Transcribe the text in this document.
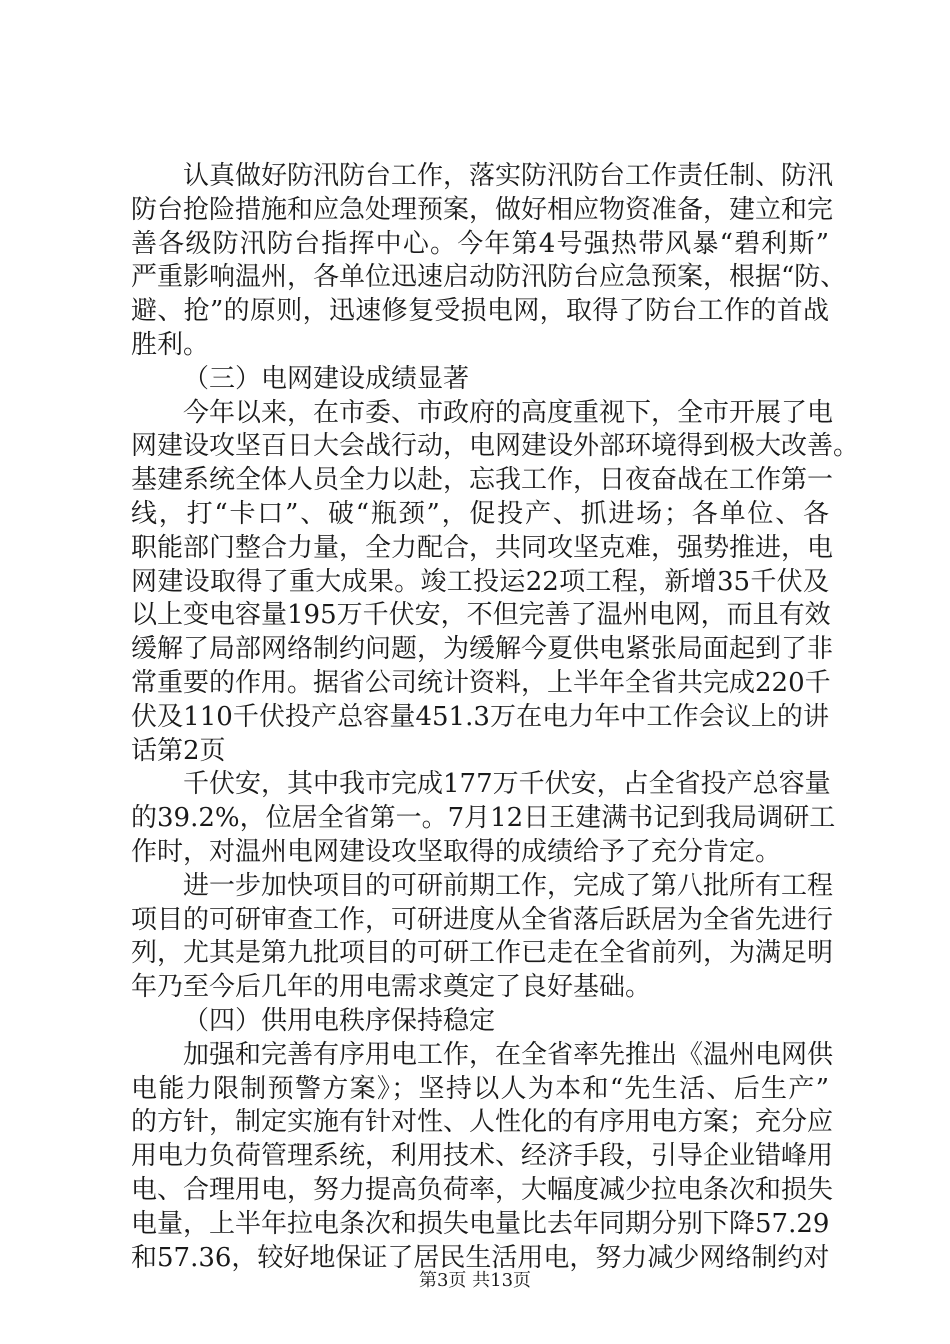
认真做好防汛防台工作，落实防汛防台工作责任制、防汛
防台抢险措施和应急处理预案，做好相应物资准备，建立和完
善各级防汛防台指挥中心。今年第4号强热带风暴“碧利斯”
严重影响温州，各单位迅速启动防汛防台应急预案，根据“防、
避、抢”的原则，迅速修复受损电网，取得了防台工作的首战
胜利。
（三）电网建设成绩显著
今年以来，在市委、市政府的高度重视下，全市开展了电
网建设攻坚百日大会战行动，电网建设外部环境得到极大改善。
基建系统全体人员全力以赴，忘我工作，日夜奋战在工作第一
线，打“卡口”、破“瓶颈”，促投产、抓进场；各单位、各
职能部门整合力量，全力配合，共同攻坚克难，强势推进，电
网建设取得了重大成果。竣工投运22项工程，新增35千伏及
以上变电容量195万千伏安，不但完善了温州电网，而且有效
缓解了局部网络制约问题，为缓解今夏供电紧张局面起到了非
常重要的作用。据省公司统计资料，上半年全省共完成220千
伏及110千伏投产总容量451.3万在电力年中工作会议上的讲
话第2页
千伏安，其中我市完成177万千伏安，占全省投产总容量
的39.2%，位居全省第一。7月12日王建满书记到我局调研工
作时，对温州电网建设攻坚取得的成绩给予了充分肯定。
进一步加快项目的可研前期工作，完成了第八批所有工程
项目的可研审查工作，可研进度从全省落后跃居为全省先进行
列，尤其是第九批项目的可研工作已走在全省前列，为满足明
年乃至今后几年的用电需求奠定了良好基础。
（四）供用电秩序保持稳定
加强和完善有序用电工作，在全省率先推出《温州电网供
电能力限制预警方案》；坚持以人为本和“先生活、后生产”
的方针，制定实施有针对性、人性化的有序用电方案；充分应
用电力负荷管理系统，利用技术、经济手段，引导企业错峰用
电、合理用电，努力提高负荷率，大幅度减少拉电条次和损失
电量，上半年拉电条次和损失电量比去年同期分别下降57.29
和57.36，较好地保证了居民生活用电，努力减少网络制约对
第3页 共13页
